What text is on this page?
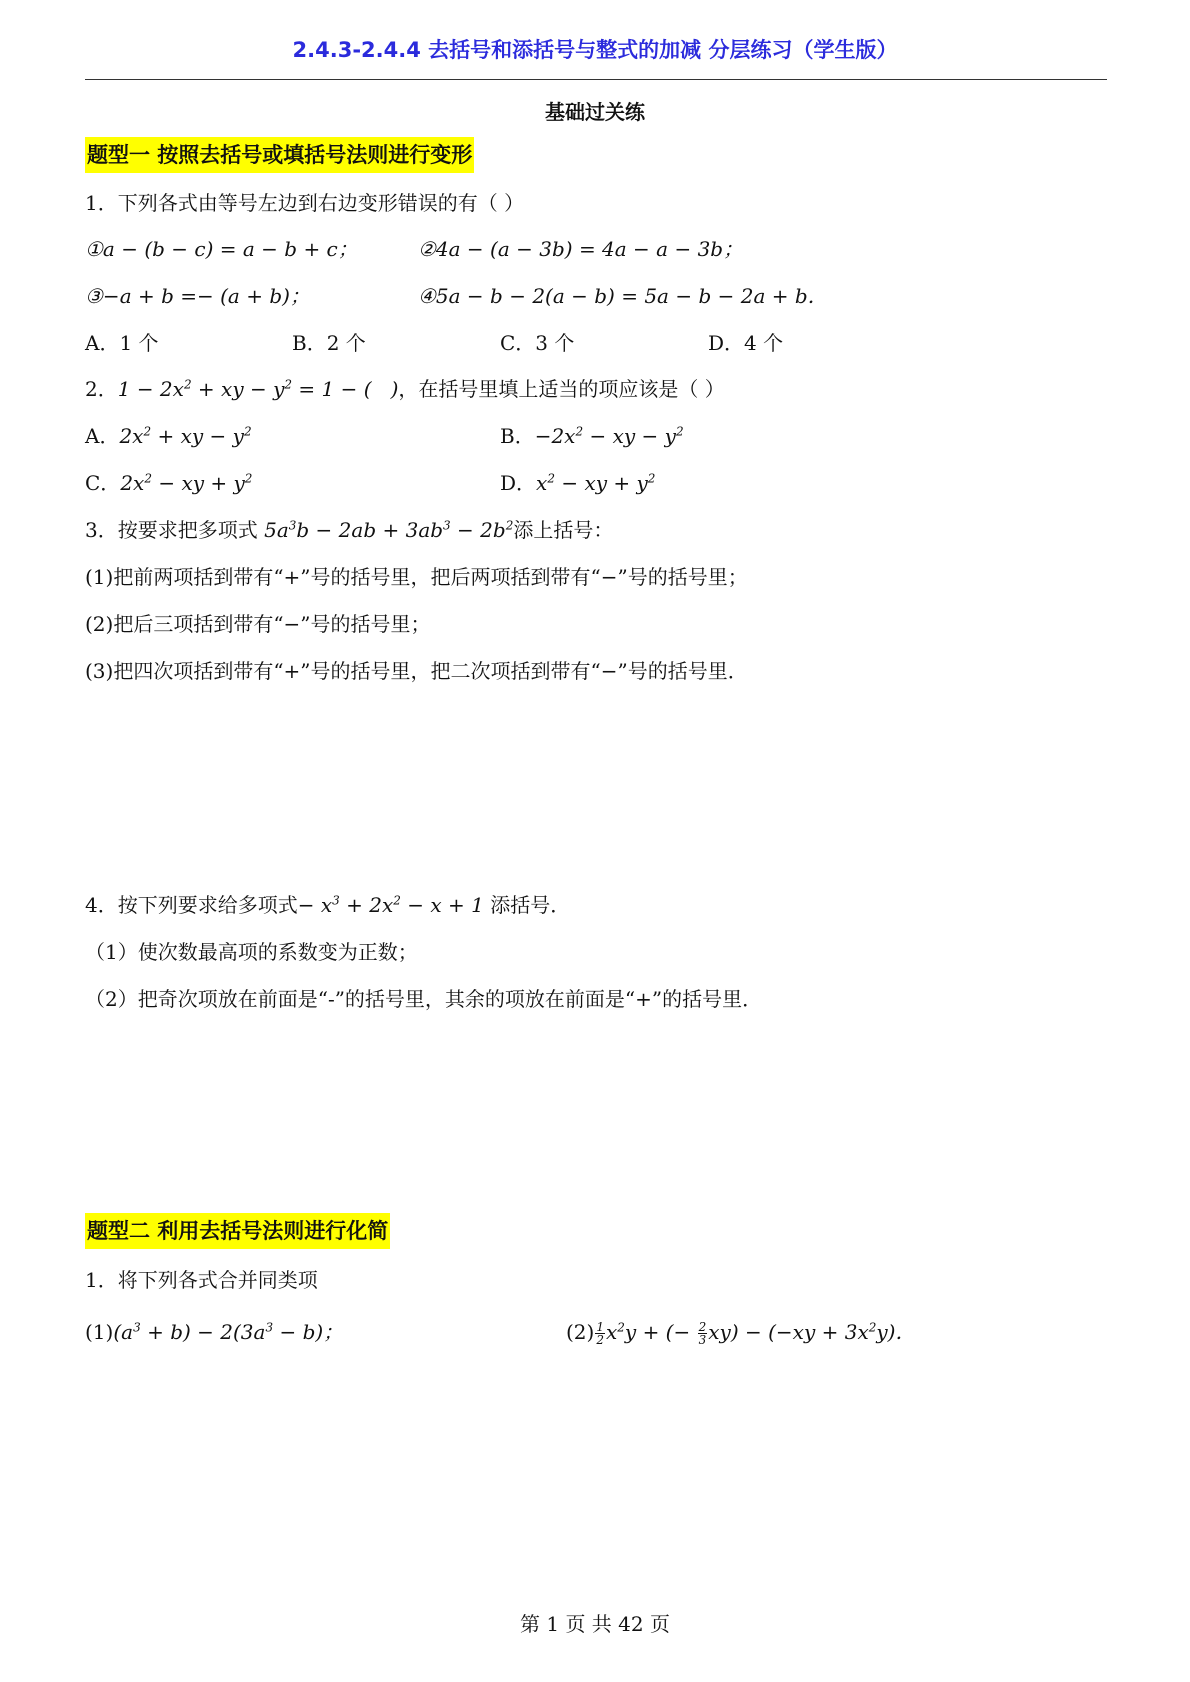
2.4.3-2.4.4 去括号和添括号与整式的加减 分层练习（学生版）
基础过关练
题型一 按照去括号或填括号法则进行变形
1．下列各式由等号左边到右边变形错误的有（ ）
①a − (b − c) = a − b + c；	②4a − (a − 3b) = 4a − a − 3b；
③−a + b =− (a + b)；	④5a − b − 2(a − b) = 5a − b − 2a + b．
A．1 个	B．2 个	C．3 个	D．4 个
2．$1 - 2x^2$ + xy − $y^2 = 1$ − (   )，在括号里填上适当的项应该是（ ）
A．$2x^2$ + xy − $y^2$	B．$-2x^2$ − xy − $y^2$
C．$2x^2$ − xy + $y^2$	D．$x^2$ − xy + $y^2$
3．按要求把多项式 $5a^3b - 2ab + 3ab^3 - 2b^2$添上括号：
(1)把前两项括到带有“+”号的括号里，把后两项括到带有“−”号的括号里；
(2)把后三项括到带有“−”号的括号里；
(3)把四次项括到带有“+”号的括号里，把二次项括到带有“−”号的括号里．
4．按下列要求给多项式− $x^3 + 2x^2 - x + 1$ 添括号．
（1）使次数最高项的系数变为正数；
（2）把奇次项放在前面是“-”的括号里，其余的项放在前面是“+”的括号里．
题型二 利用去括号法则进行化简
1．将下列各式合并同类项
$(1)(a^3 + b) - 2(3a^3 - b)$；	$(2) \frac{1}{2} x^2y$ + (− $\frac{2}{3} xy) - (-xy + 3x^2y)$．
第 1 页 共 42 页
